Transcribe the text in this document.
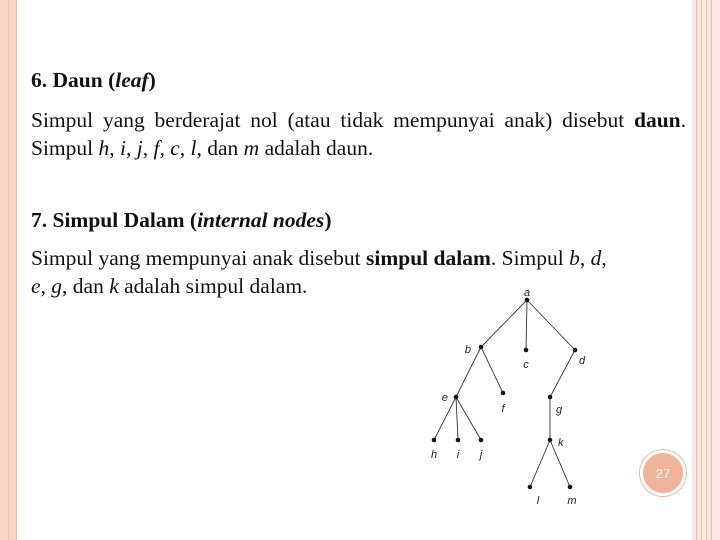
6. Daun (leaf)
Simpul yang berderajat nol (atau tidak mempunyai anak) disebut daun. Simpul h, i, j, f, c, l, dan m adalah daun.
7. Simpul Dalam (internal nodes)
Simpul yang mempunyai anak disebut simpul dalam. Simpul b, d,
e, g, dan k adalah simpul dalam.	a
b
c	d
e
f	g
h i j
k
l	m
27
